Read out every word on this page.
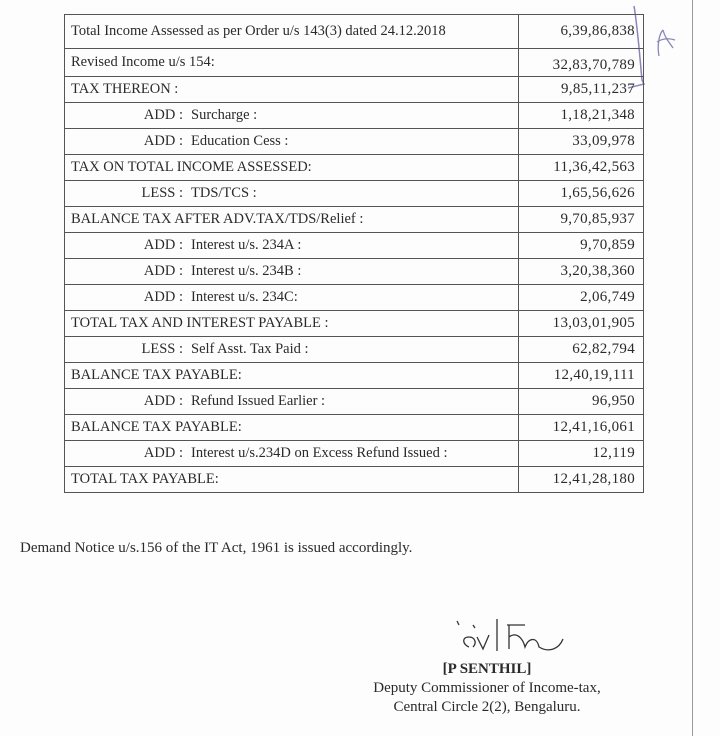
Total Income Assessed as per Order u/s 143(3) dated 24.12.2018	6,39,86,838
Revised Income u/s 154:	32,83,70,789
TAX THEREON :	9,85,11,237
ADD : Surcharge :	1,18,21,348
ADD : Education Cess :	33,09,978
TAX ON TOTAL INCOME ASSESSED:	11,36,42,563
LESS : TDS/TCS :	1,65,56,626
BALANCE TAX AFTER ADV.TAX/TDS/Relief :	9,70,85,937
ADD : Interest u/s. 234A :	9,70,859
ADD : Interest u/s. 234B :	3,20,38,360
ADD : Interest u/s. 234C:	2,06,749
TOTAL TAX AND INTEREST PAYABLE :	13,03,01,905
LESS : Self Asst. Tax Paid :	62,82,794
BALANCE TAX PAYABLE:	12,40,19,111
ADD : Refund Issued Earlier :	96,950
BALANCE TAX PAYABLE:	12,41,16,061
ADD : Interest u/s.234D on Excess Refund Issued :	12,119
TOTAL TAX PAYABLE:	12,41,28,180
Demand Notice u/s.156 of the IT Act, 1961 is issued accordingly.
[P SENTHIL]
Deputy Commissioner of Income-tax,
Central Circle 2(2), Bengaluru.
